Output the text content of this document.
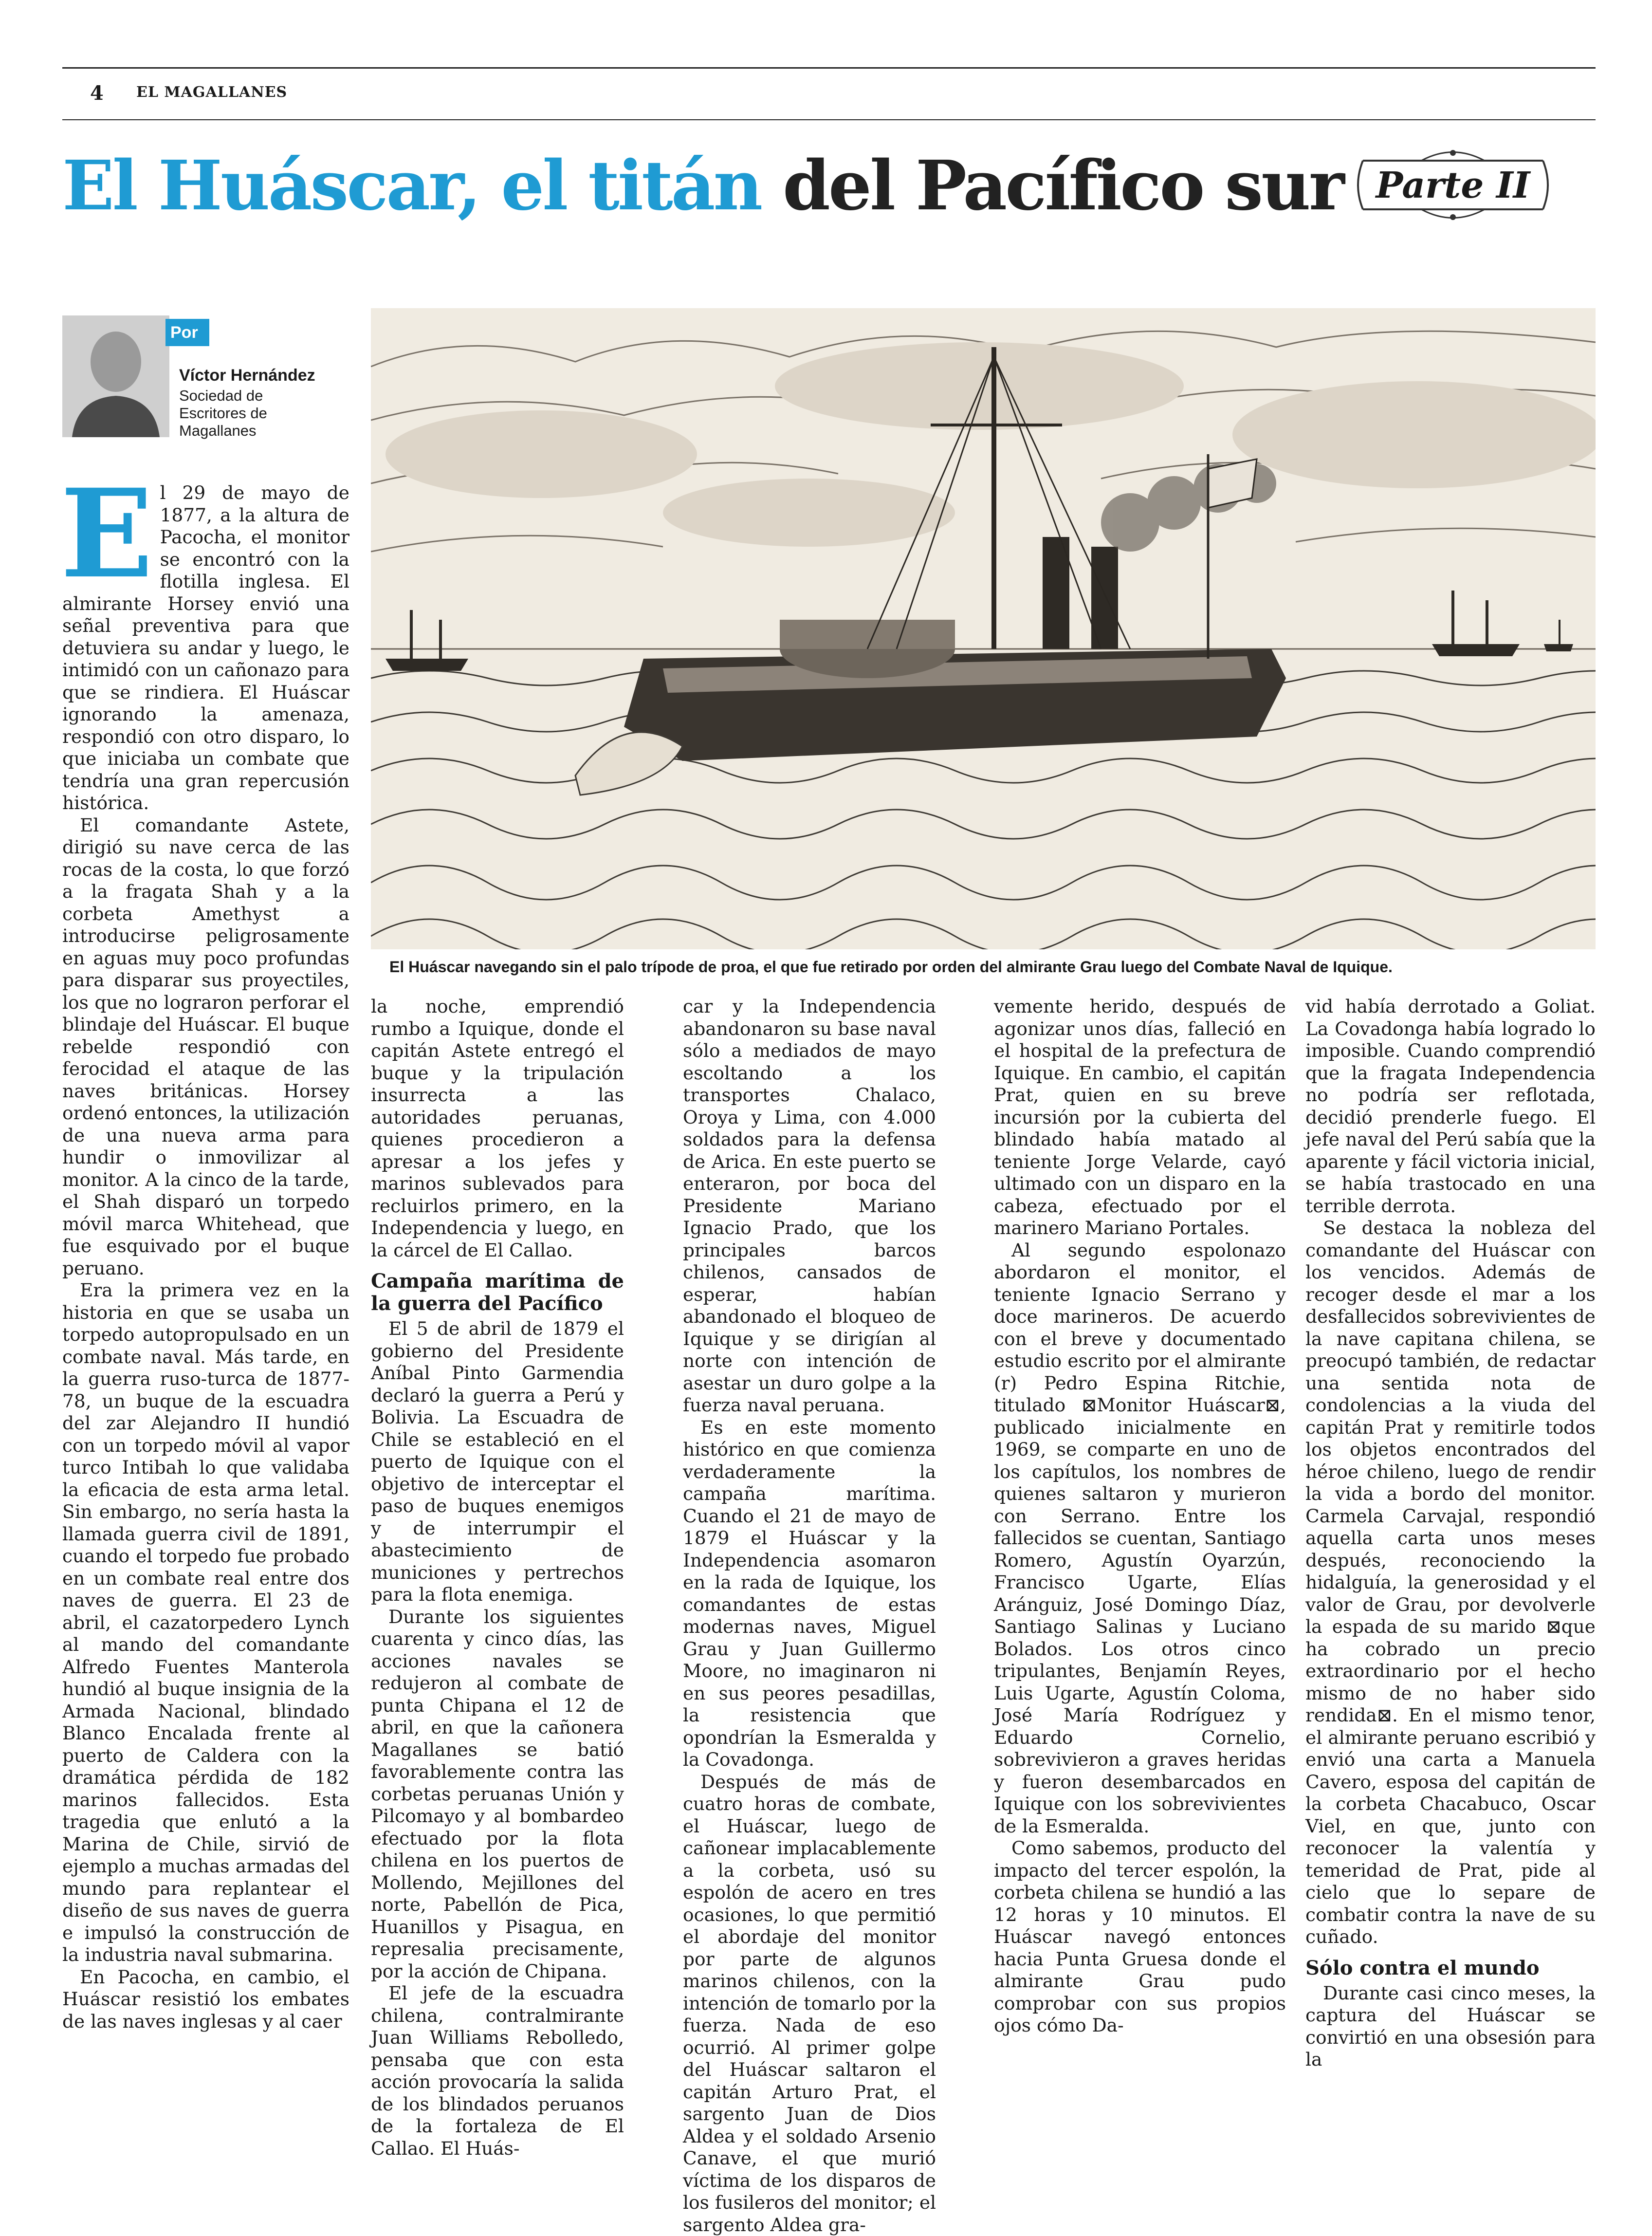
4 EL MAGALLANES
El Huáscar, el titán del Pacífico sur Parte II
Por
Víctor Hernández
Sociedad de Escritores de Magallanes
El Huáscar navegando sin el palo trípode de proa, el que fue retirado por orden del almirante Grau luego del Combate Naval de Iquique.

El 29 de mayo de 1877, a la altura de Pacocha, el monitor se encontró con la flotilla inglesa. El almirante Horsey envió una señal preventiva para que detuviera su andar y luego, le intimidó con un cañonazo para que se rindiera. El Huáscar ignorando la amenaza, respondió con otro disparo, lo que iniciaba un combate que tendría una gran repercusión histórica.

El comandante Astete, dirigió su nave cerca de las rocas de la costa, lo que forzó a la fragata Shah y a la corbeta Amethyst a introducirse peligrosamente en aguas muy poco profundas para disparar sus proyectiles, los que no lograron perforar el blindaje del Huáscar. El buque rebelde respondió con ferocidad el ataque de las naves británicas. Horsey ordenó entonces, la utilización de una nueva arma para hundir o inmovilizar al monitor. A la cinco de la tarde, el Shah disparó un torpedo móvil marca Whitehead, que fue esquivado por el buque peruano.

Era la primera vez en la historia en que se usaba un torpedo autopropulsado en un combate naval. Más tarde, en la guerra ruso-turca de 1877-78, un buque de la escuadra del zar Alejandro II hundió con un torpedo móvil al vapor turco Intibah lo que validaba la eficacia de esta arma letal. Sin embargo, no sería hasta la llamada guerra civil de 1891, cuando el torpedo fue probado en un combate real entre dos naves de guerra. El 23 de abril, el cazatorpedero Lynch al mando del comandante Alfredo Fuentes Manterola hundió al buque insignia de la Armada Nacional, blindado Blanco Encalada frente al puerto de Caldera con la dramática pérdida de 182 marinos fallecidos. Esta tragedia que enlutó a la Marina de Chile, sirvió de ejemplo a muchas armadas del mundo para replantear el diseño de sus naves de guerra e impulsó la construcción de la industria naval submarina.

En Pacocha, en cambio, el Huáscar resistió los embates de las naves inglesas y al caer

la noche, emprendió rumbo a Iquique, donde el capitán Astete entregó el buque y la tripulación insurrecta a las autoridades peruanas, quienes procedieron a apresar a los jefes y marinos sublevados para recluirlos primero, en la Independencia y luego, en la cárcel de El Callao.

Campaña marítima de la guerra del Pacífico

El 5 de abril de 1879 el gobierno del Presidente Aníbal Pinto Garmendia declaró la guerra a Perú y Bolivia. La Escuadra de Chile se estableció en el puerto de Iquique con el objetivo de interceptar el paso de buques enemigos y de interrumpir el abastecimiento de municiones y pertrechos para la flota enemiga.

Durante los siguientes cuarenta y cinco días, las acciones navales se redujeron al combate de punta Chipana el 12 de abril, en que la cañonera Magallanes se batió favorablemente contra las corbetas peruanas Unión y Pilcomayo y al bombardeo efectuado por la flota chilena en los puertos de Mollendo, Mejillones del norte, Pabellón de Pica, Huanillos y Pisagua, en represalia precisamente, por la acción de Chipana.

El jefe de la escuadra chilena, contralmirante Juan Williams Rebolledo, pensaba que con esta acción provocaría la salida de los blindados peruanos de la fortaleza de El Callao. El Huás-

car y la Independencia abandonaron su base naval sólo a mediados de mayo escoltando a los transportes Chalaco, Oroya y Lima, con 4.000 soldados para la defensa de Arica. En este puerto se enteraron, por boca del Presidente Mariano Ignacio Prado, que los principales barcos chilenos, cansados de esperar, habían abandonado el bloqueo de Iquique y se dirigían al norte con intención de asestar un duro golpe a la fuerza naval peruana.

Es en este momento histórico en que comienza verdaderamente la campaña marítima. Cuando el 21 de mayo de 1879 el Huáscar y la Independencia asomaron en la rada de Iquique, los comandantes de estas modernas naves, Miguel Grau y Juan Guillermo Moore, no imaginaron ni en sus peores pesadillas, la resistencia que opondrían la Esmeralda y la Covadonga.

Después de más de cuatro horas de combate, el Huáscar, luego de cañonear implacablemente a la corbeta, usó su espolón de acero en tres ocasiones, lo que permitió el abordaje del monitor por parte de algunos marinos chilenos, con la intención de tomarlo por la fuerza. Nada de eso ocurrió. Al primer golpe del Huáscar saltaron el capitán Arturo Prat, el sargento Juan de Dios Aldea y el soldado Arsenio Canave, el que murió víctima de los disparos de los fusileros del monitor; el sargento Aldea gra-

vemente herido, después de agonizar unos días, falleció en el hospital de la prefectura de Iquique. En cambio, el capitán Prat, quien en su breve incursión por la cubierta del blindado había matado al teniente Jorge Velarde, cayó ultimado con un disparo en la cabeza, efectuado por el marinero Mariano Portales.

Al segundo espolonazo abordaron el monitor, el teniente Ignacio Serrano y doce marineros. De acuerdo con el breve y documentado estudio escrito por el almirante (r) Pedro Espina Ritchie, titulado ⊠Monitor Huáscar⊠, publicado inicialmente en 1969, se comparte en uno de los capítulos, los nombres de quienes saltaron y murieron con Serrano. Entre los fallecidos se cuentan, Santiago Romero, Agustín Oyarzún, Francisco Ugarte, Elías Aránguiz, José Domingo Díaz, Santiago Salinas y Luciano Bolados. Los otros cinco tripulantes, Benjamín Reyes, Luis Ugarte, Agustín Coloma, José María Rodríguez y Eduardo Cornelio, sobrevivieron a graves heridas y fueron desembarcados en Iquique con los sobrevivientes de la Esmeralda.

Como sabemos, producto del impacto del tercer espolón, la corbeta chilena se hundió a las 12 horas y 10 minutos. El Huáscar navegó entonces hacia Punta Gruesa donde el almirante Grau pudo comprobar con sus propios ojos cómo Da-

vid había derrotado a Goliat. La Covadonga había logrado lo imposible. Cuando comprendió que la fragata Independencia no podría ser reflotada, decidió prenderle fuego. El jefe naval del Perú sabía que la aparente y fácil victoria inicial, se había trastocado en una terrible derrota.

Se destaca la nobleza del comandante del Huáscar con los vencidos. Además de recoger desde el mar a los desfallecidos sobrevivientes de la nave capitana chilena, se preocupó también, de redactar una sentida nota de condolencias a la viuda del capitán Prat y remitirle todos los objetos encontrados del héroe chileno, luego de rendir la vida a bordo del monitor. Carmela Carvajal, respondió aquella carta unos meses después, reconociendo la hidalguía, la generosidad y el valor de Grau, por devolverle la espada de su marido ⊠que ha cobrado un precio extraordinario por el hecho mismo de no haber sido rendida⊠. En el mismo tenor, el almirante peruano escribió y envió una carta a Manuela Cavero, esposa del capitán de la corbeta Chacabuco, Oscar Viel, en que, junto con reconocer la valentía y temeridad de Prat, pide al cielo que lo separe de combatir contra la nave de su cuñado.

Sólo contra el mundo

Durante casi cinco meses, la captura del Huáscar se convirtió en una obsesión para la
